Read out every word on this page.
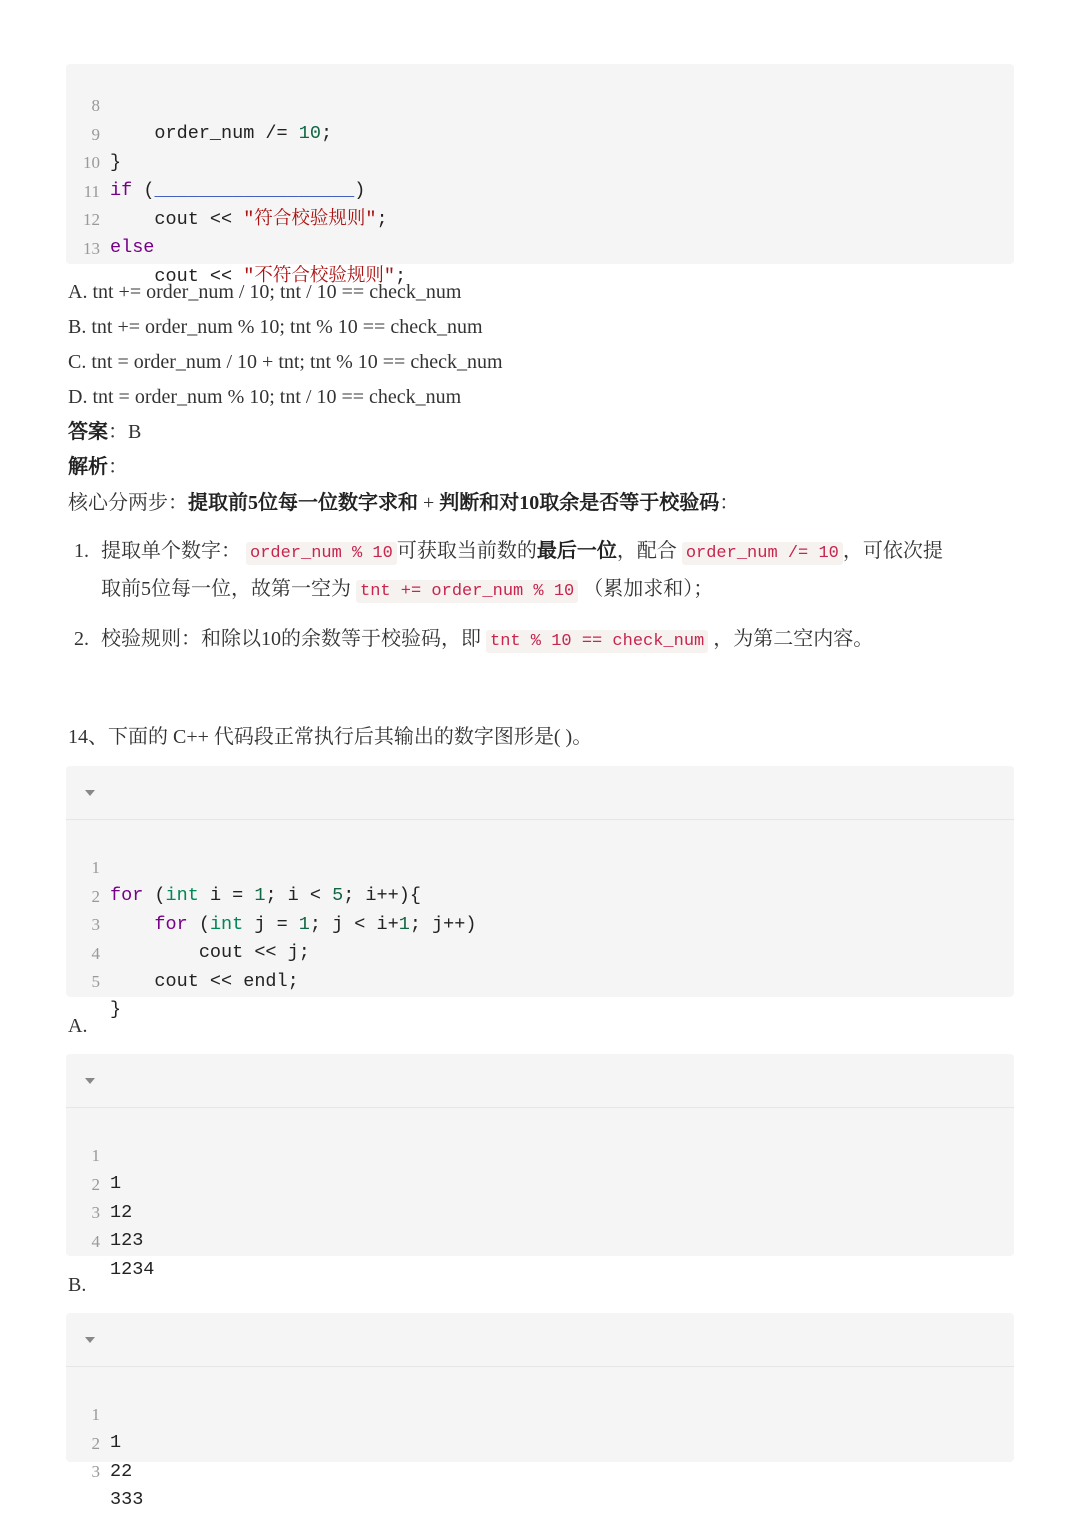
8

order_num /= 10;

9

}

10

if (__________________)

11

cout << "符合校验规则";

12

else

13

cout << "不符合校验规则";

A. tnt += order_num / 10; tnt / 10 == check_num
B. tnt += order_num % 10; tnt % 10 == check_num
C. tnt = order_num / 10 + tnt; tnt % 10 == check_num
D. tnt = order_num % 10; tnt / 10 == check_num
答案：B
解析：
核心分两步：提取前5位每一位数字求和 + 判断和对10取余是否等于校验码：
1. 提取单个数字： order_num % 10 可获取当前数的最后一位，配合 order_num /= 10 ，可依次提
取前5位每一位，故第一空为 tnt += order_num % 10 （累加求和）；
2. 校验规则：和除以10的余数等于校验码，即 tnt % 10 == check_num ，为第二空内容。
14、下面的 C++ 代码段正常执行后其输出的数字图形是( )。

1

for (int i = 1; i < 5; i++){

2

for (int j = 1; j < i+1; j++)

3

cout << j;

4

cout << endl;

5

}

A.

1

1

2

12

3

123

4

1234

B.

1

1

2

22

3

333
